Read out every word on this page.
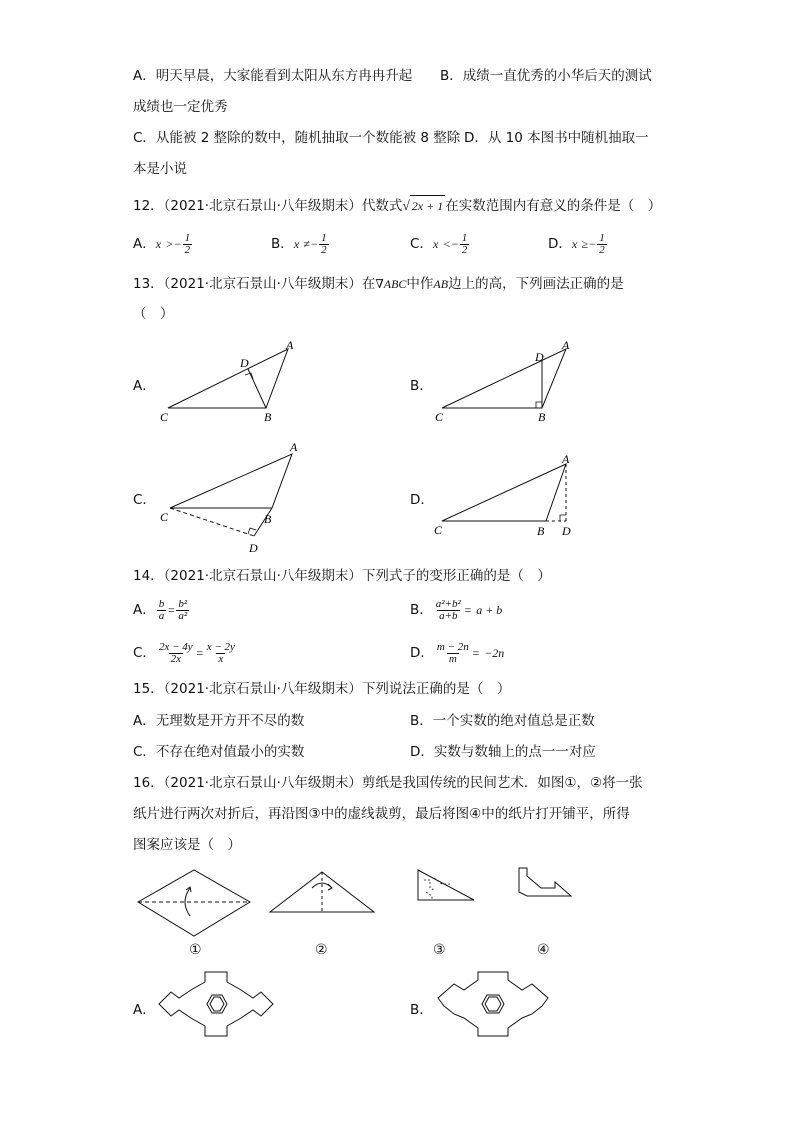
A．明天早晨，大家能看到太阳从东方冉冉升起 B．成绩一直优秀的小华后天的测试
成绩也一定优秀
C．从能被 2 整除的数中，随机抽取一个数能被 8 整除 D．从 10 本图书中随机抽取一
本是小说
12．（2021·北京石景山·八年级期末）代数式√ 2x + 1 在实数范围内有意义的条件是（　）
A．$x >- \frac{1}{2}$	B．$x \ne- \frac{1}{2}$	C．$x <- \frac{1}{2}$	D．$x \ge- \frac{1}{2}$
13．（2021·北京石景山·八年级期末）在∇ABC中作AB边上的高，下列画法正确的是
（　）
A．	B．
C．	D．
A
D
C	B
A
D
C	B
A
C	B
D
A
C	B D
14．（2021·北京石景山·八年级期末）下列式子的变形正确的是（　）
A． $\frac{b}{a} = \frac{\text{b²}}{\text{a²}}$	B． $\frac{\text{a²+b²}}{a+b} = a + b$
C． $\frac{2x - 4y}{2x} = \frac{x - 2y}{x}$	D． $\frac{m - 2n}{m} = -2n$
15．（2021·北京石景山·八年级期末）下列说法正确的是（　）
A．无理数是开方开不尽的数	B．一个实数的绝对值总是正数
C．不存在绝对值最小的实数	D．实数与数轴上的点一一对应
16．（2021·北京石景山·八年级期末）剪纸是我国传统的民间艺术．如图①，②将一张
纸片进行两次对折后，再沿图③中的虚线裁剪，最后将图④中的纸片打开铺平，所得
图案应该是（　）
①	②	③	④
A．	B．
